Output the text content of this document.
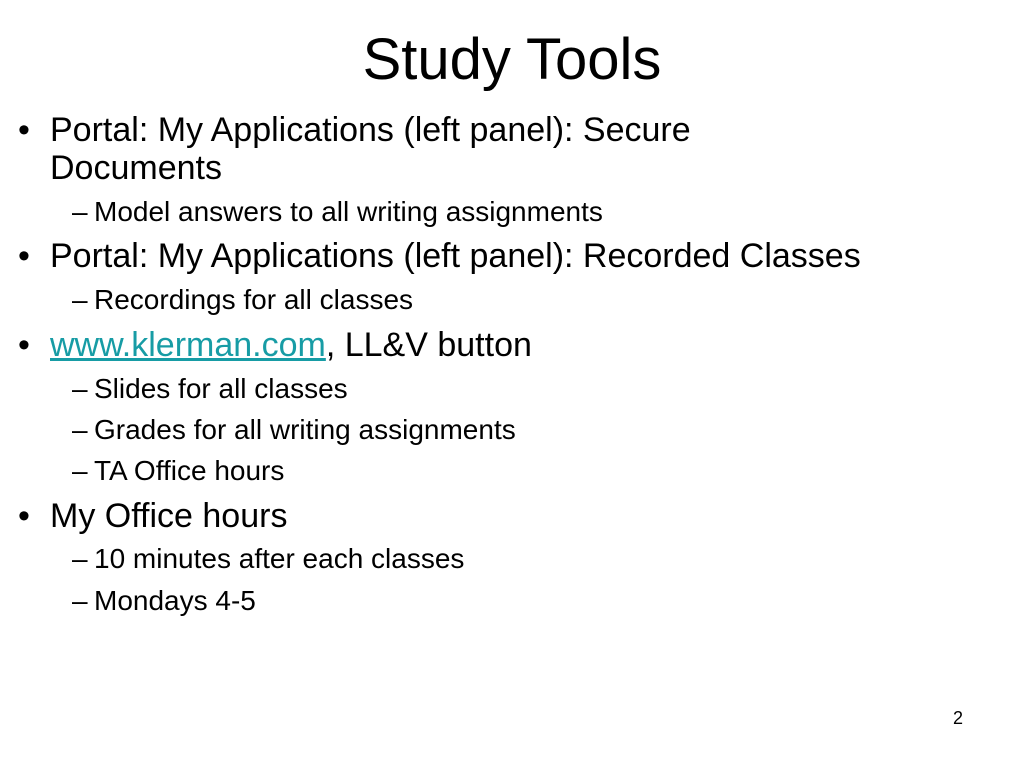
Study Tools
• Portal: My Applications (left panel): Secure
Documents
– Model answers to all writing assignments
• Portal: My Applications (left panel): Recorded Classes
– Recordings for all classes
• www.klerman.com, LL&V button
– Slides for all classes
– Grades for all writing assignments
– TA Office hours
• My Office hours
– 10 minutes after each classes
– Mondays 4-5
2
